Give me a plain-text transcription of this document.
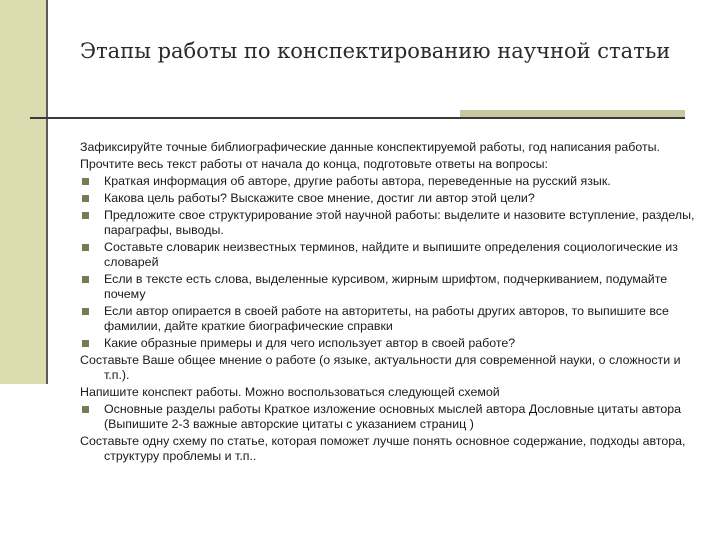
Этапы работы по конспектированию научной статьи
Зафиксируйте точные библиографические данные конспектируемой работы, год написания работы.
Прочтите весь текст работы от начала до конца, подготовьте ответы на вопросы:
Краткая информация об авторе, другие работы автора, переведенные на русский язык.
Какова цель работы? Выскажите свое мнение, достиг ли автор этой цели?
Предложите свое структурирование этой научной работы: выделите и назовите вступление, разделы, параграфы, выводы.
Составьте словарик неизвестных терминов, найдите и выпишите определения социологические из словарей
Если в тексте есть слова, выделенные курсивом, жирным шрифтом, подчеркиванием, подумайте почему
Если автор опирается в своей работе на авторитеты, на работы других авторов, то выпишите все фамилии, дайте краткие биографические справки
Какие образные примеры и для чего использует автор в своей работе?
Составьте Ваше общее мнение о работе (о языке, актуальности для современной науки, о сложности и т.п.).
Напишите конспект работы. Можно воспользоваться следующей схемой
Основные разделы работы Краткое изложение основных мыслей автора Дословные цитаты автора (Выпишите 2-3 важные авторские цитаты с указанием страниц )
Составьте одну схему по статье, которая поможет лучше понять основное содержание, подходы автора, структуру проблемы и т.п..
